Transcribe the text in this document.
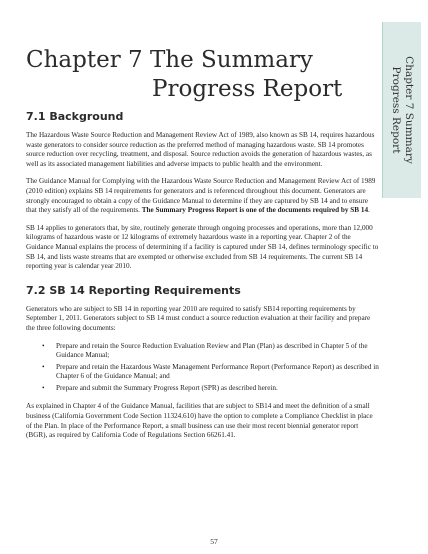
Chapter 7 The Summary
Progress Report	Chapter 7 Summary
Progress Report
7.1 Background

The Hazardous Waste Source Reduction and Management Review Act of 1989, also known as SB 14, requires hazardous waste generators to consider source reduction as the preferred method of managing hazardous waste. SB 14 promotes source reduction over recycling, treatment, and disposal. Source reduction avoids the generation of hazardous wastes, as well as its associated management liabilities and adverse impacts to public health and the environment.

The Guidance Manual for Complying with the Hazardous Waste Source Reduction and Management Review Act of 1989 (2010 edition) explains SB 14 requirements for generators and is referenced throughout this document. Generators are strongly encouraged to obtain a copy of the Guidance Manual to determine if they are captured by SB 14 and to ensure that they satisfy all of the requirements. The Summary Progress Report is one of the documents required by SB 14.

SB 14 applies to generators that, by site, routinely generate through ongoing processes and operations, more than 12,000 kilograms of hazardous waste or 12 kilograms of extremely hazardous waste in a reporting year. Chapter 2 of the Guidance Manual explains the process of determining if a facility is captured under SB 14, defines terminology specific to SB 14, and lists waste streams that are exempted or otherwise excluded from SB 14 requirements. The current SB 14 reporting year is calendar year 2010.

7.2 SB 14 Reporting Requirements

Generators who are subject to SB 14 in reporting year 2010 are required to satisfy SB14 reporting requirements by September 1, 2011. Generators subject to SB 14 must conduct a source reduction evaluation at their facility and prepare the three following documents:

• Prepare and retain the Source Reduction Evaluation Review and Plan (Plan) as described in Chapter 5 of the Guidance Manual;
• Prepare and retain the Hazardous Waste Management Performance Report (Performance Report) as described in Chapter 6 of the Guidance Manual; and
• Prepare and submit the Summary Progress Report (SPR) as described herein.

As explained in Chapter 4 of the Guidance Manual, facilities that are subject to SB14 and meet the definition of a small business (California Government Code Section 11324.610) have the option to complete a Compliance Checklist in place of the Plan. In place of the Performance Report, a small business can use their most recent biennial generator report (BGR), as required by California Code of Regulations Section 66261.41.

57
